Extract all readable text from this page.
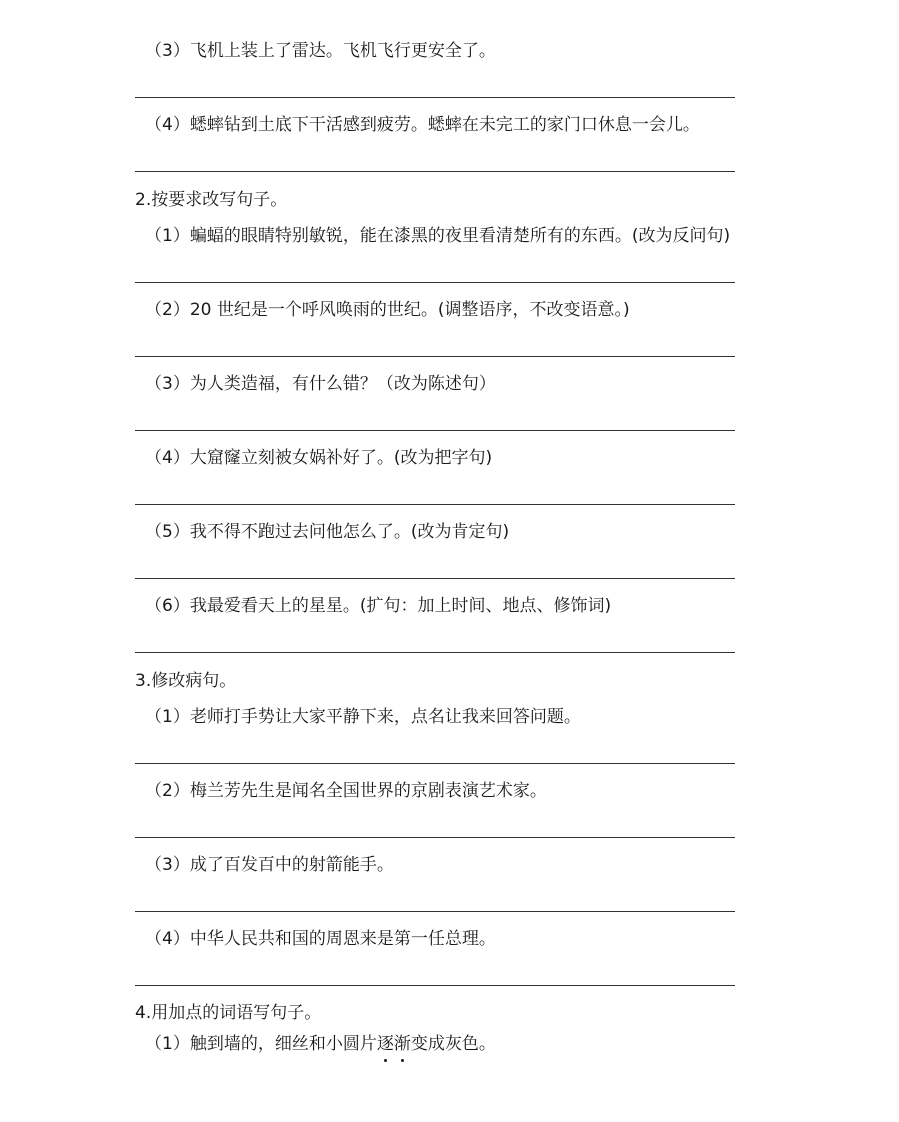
（3）飞机上装上了雷达。飞机飞行更安全了。
（4）蟋蟀钻到土底下干活感到疲劳。蟋蟀在未完工的家门口休息一会儿。
2.按要求改写句子。
（1）蝙蝠的眼睛特别敏锐，能在漆黑的夜里看清楚所有的东西。(改为反问句)
（2）20 世纪是一个呼风唤雨的世纪。(调整语序，不改变语意。)
（3）为人类造福，有什么错？（改为陈述句）
（4）大窟窿立刻被女娲补好了。(改为把字句)
（5）我不得不跑过去问他怎么了。(改为肯定句)
（6）我最爱看天上的星星。(扩句：加上时间、地点、修饰词)
3.修改病句。
（1）老师打手势让大家平静下来，点名让我来回答问题。
（2）梅兰芳先生是闻名全国世界的京剧表演艺术家。
（3）成了百发百中的射箭能手。
（4）中华人民共和国的周恩来是第一任总理。
4.用加点的词语写句子。
（1）触到墙的，细丝和小圆片逐渐变成灰色。
